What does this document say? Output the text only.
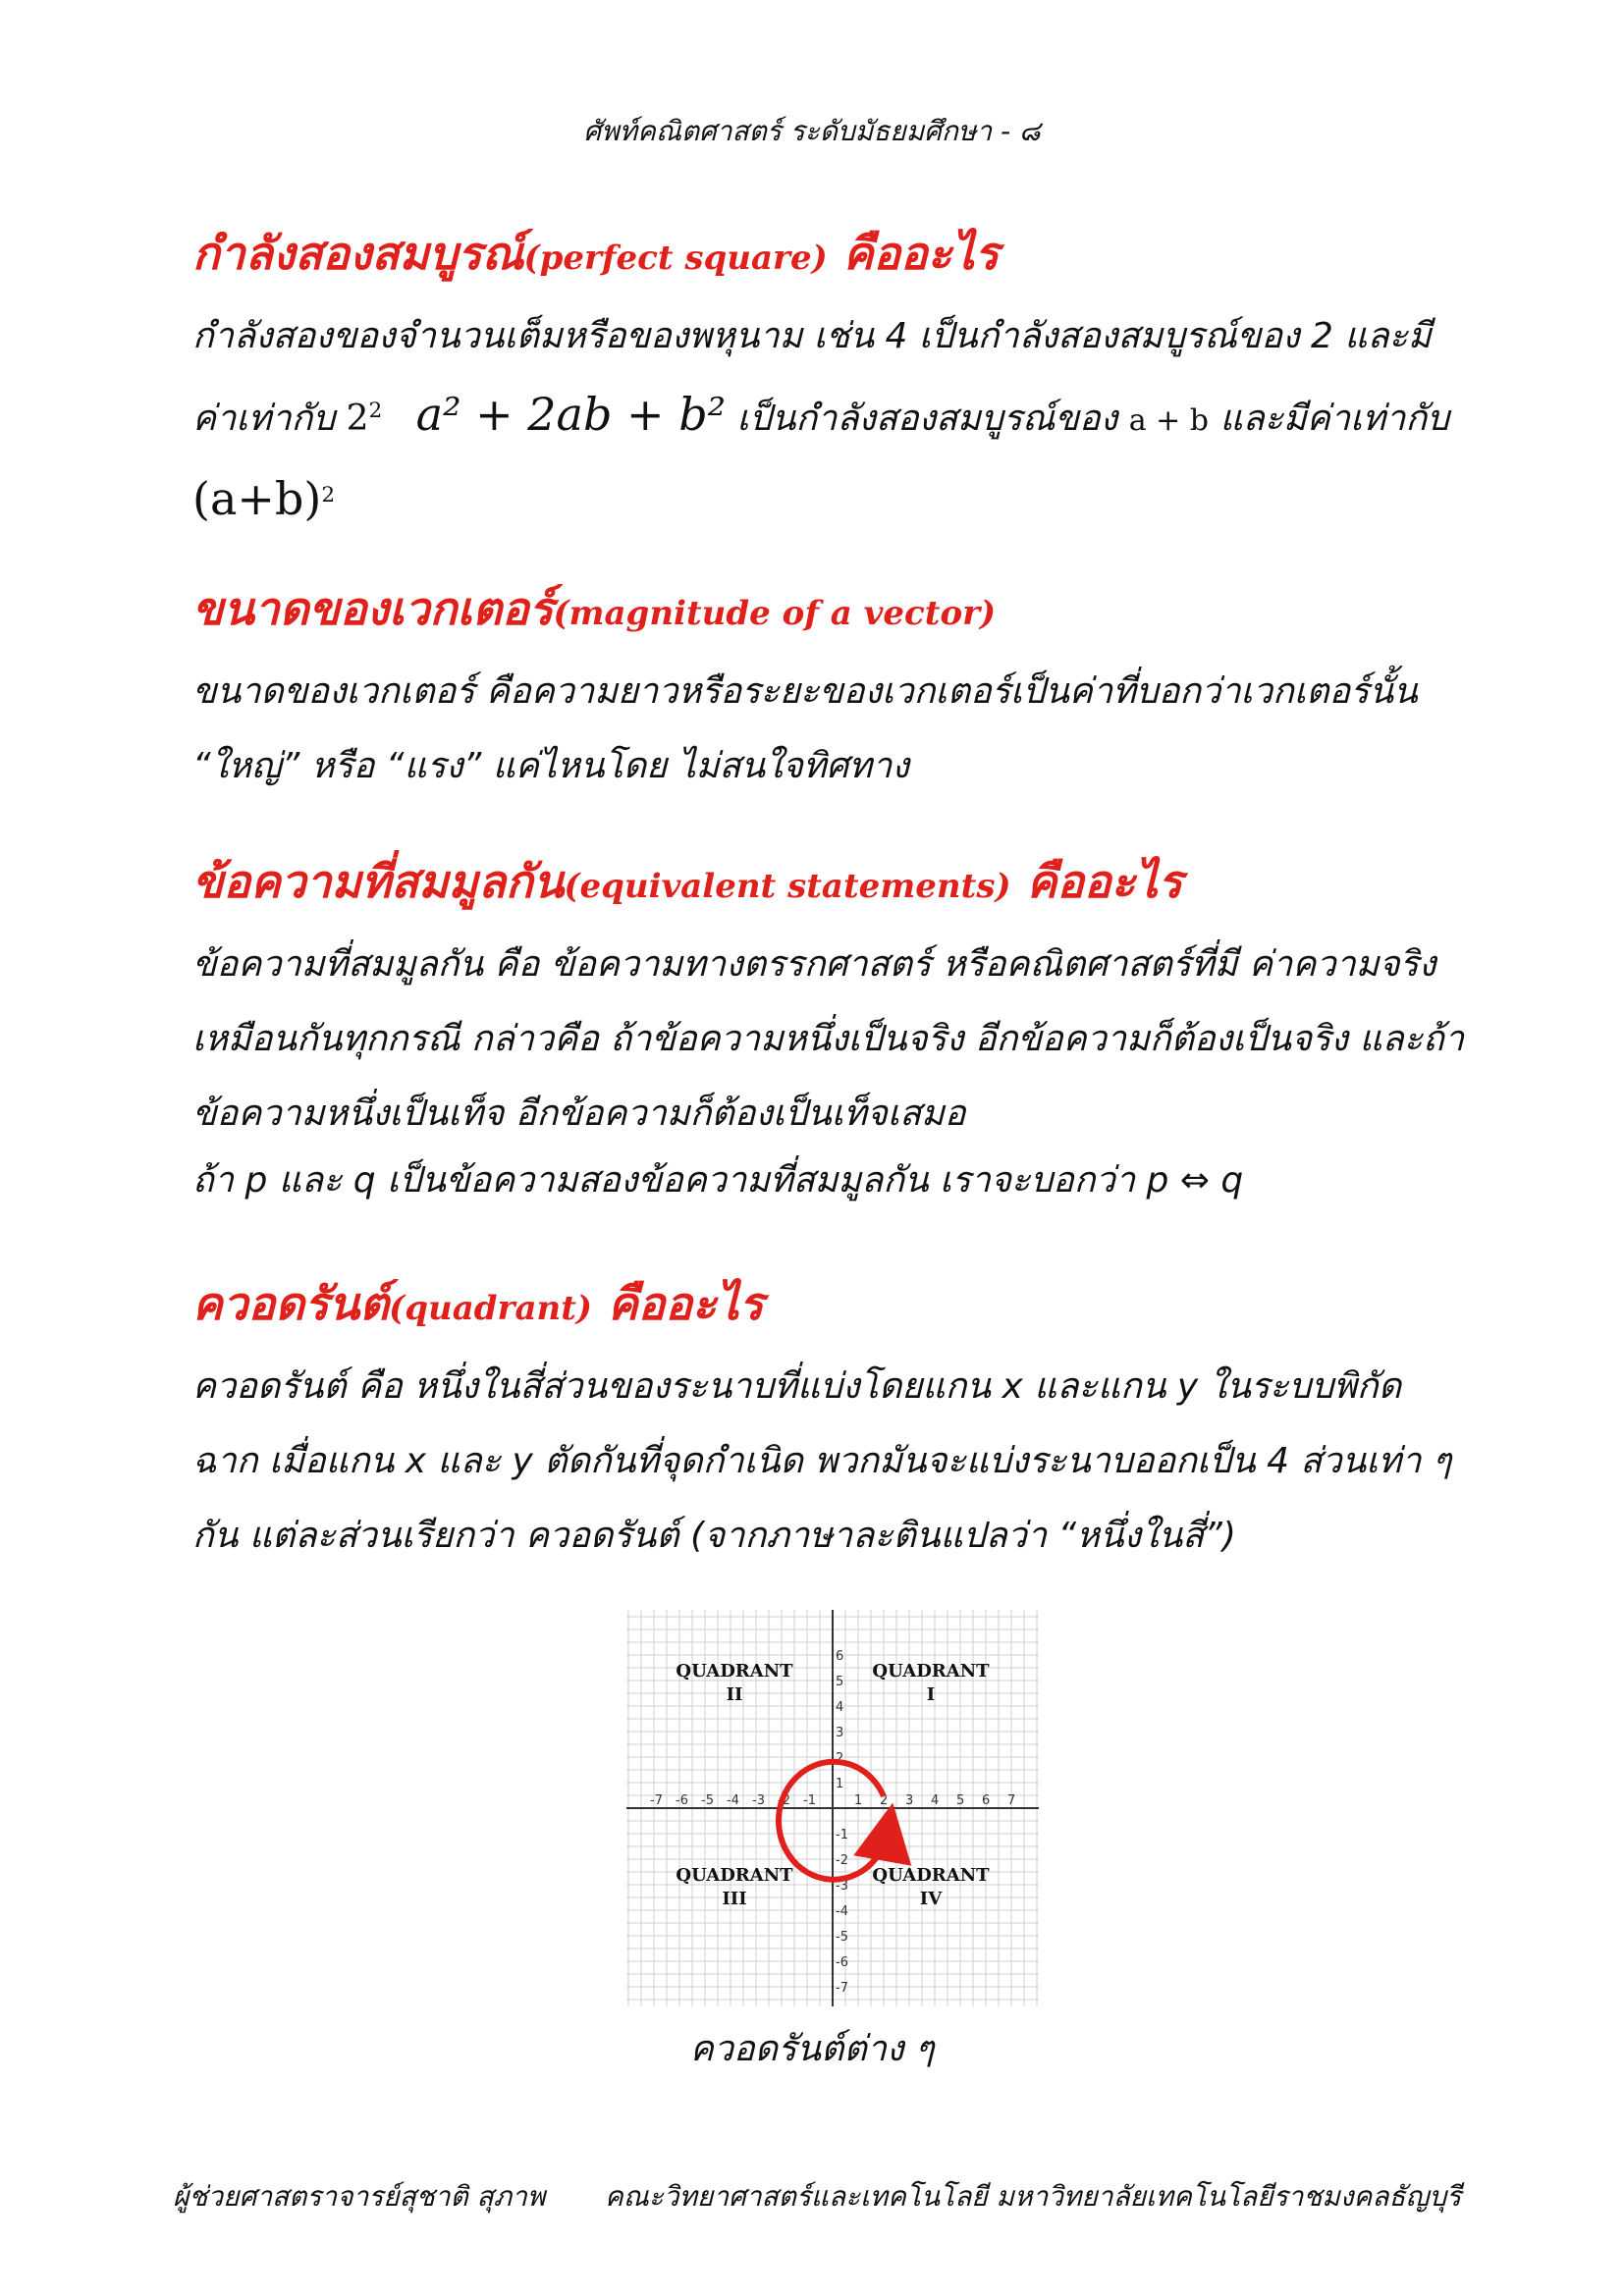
ศัพท์คณิตศาสตร์ ระดับมัธยมศึกษา - ๘
กำลังสองสมบูรณ์(perfect square) คืออะไร
กำลังสองของจำนวนเต็มหรือของพหุนาม เช่น 4 เป็นกำลังสองสมบูรณ์ของ 2 และมี
ค่าเท่ากับ $2^2$ a² + 2ab + b² เป็นกำลังสองสมบูรณ์ของ a + b และมีค่าเท่ากับ
$(a+b)^2$
ขนาดของเวกเตอร์(magnitude of a vector)
ขนาดของเวกเตอร์ คือความยาวหรือระยะของเวกเตอร์เป็นค่าที่บอกว่าเวกเตอร์นั้น
“ใหญ่” หรือ “แรง” แค่ไหนโดย ไม่สนใจทิศทาง
ข้อความที่สมมูลกัน(equivalent statements) คืออะไร
ข้อความที่สมมูลกัน คือ ข้อความทางตรรกศาสตร์ หรือคณิตศาสตร์ที่มี ค่าความจริง
เหมือนกันทุกกรณี กล่าวคือ ถ้าข้อความหนึ่งเป็นจริง อีกข้อความก็ต้องเป็นจริง และถ้า
ข้อความหนึ่งเป็นเท็จ อีกข้อความก็ต้องเป็นเท็จเสมอ
ถ้า p และ q เป็นข้อความสองข้อความที่สมมูลกัน เราจะบอกว่า p ⇔ q
ควอดรันต์(quadrant) คืออะไร
ควอดรันต์ คือ หนึ่งในสี่ส่วนของระนาบที่แบ่งโดยแกน x และแกน y ในระบบพิกัด
ฉาก เมื่อแกน x และ y ตัดกันที่จุดกำเนิด พวกมันจะแบ่งระนาบออกเป็น 4 ส่วนเท่า ๆ
กัน แต่ละส่วนเรียกว่า ควอดรันต์ (จากภาษาละตินแปลว่า “หนึ่งในสี่”)
-7 -6 -5 -4 -3 -2 -1	1 2 3 4 5 6 7
6
5
4
3
2
1
-1
-2
-3
-4
-5
-6
-7
QUADRANT
II
QUADRANT
I
QUADRANT
III
QUADRANT
IV
ควอดรันต์ต่าง ๆ
ผู้ช่วยศาสตราจารย์สุชาติ สุภาพ คณะวิทยาศาสตร์และเทคโนโลยี มหาวิทยาลัยเทคโนโลยีราชมงคลธัญบุรี
